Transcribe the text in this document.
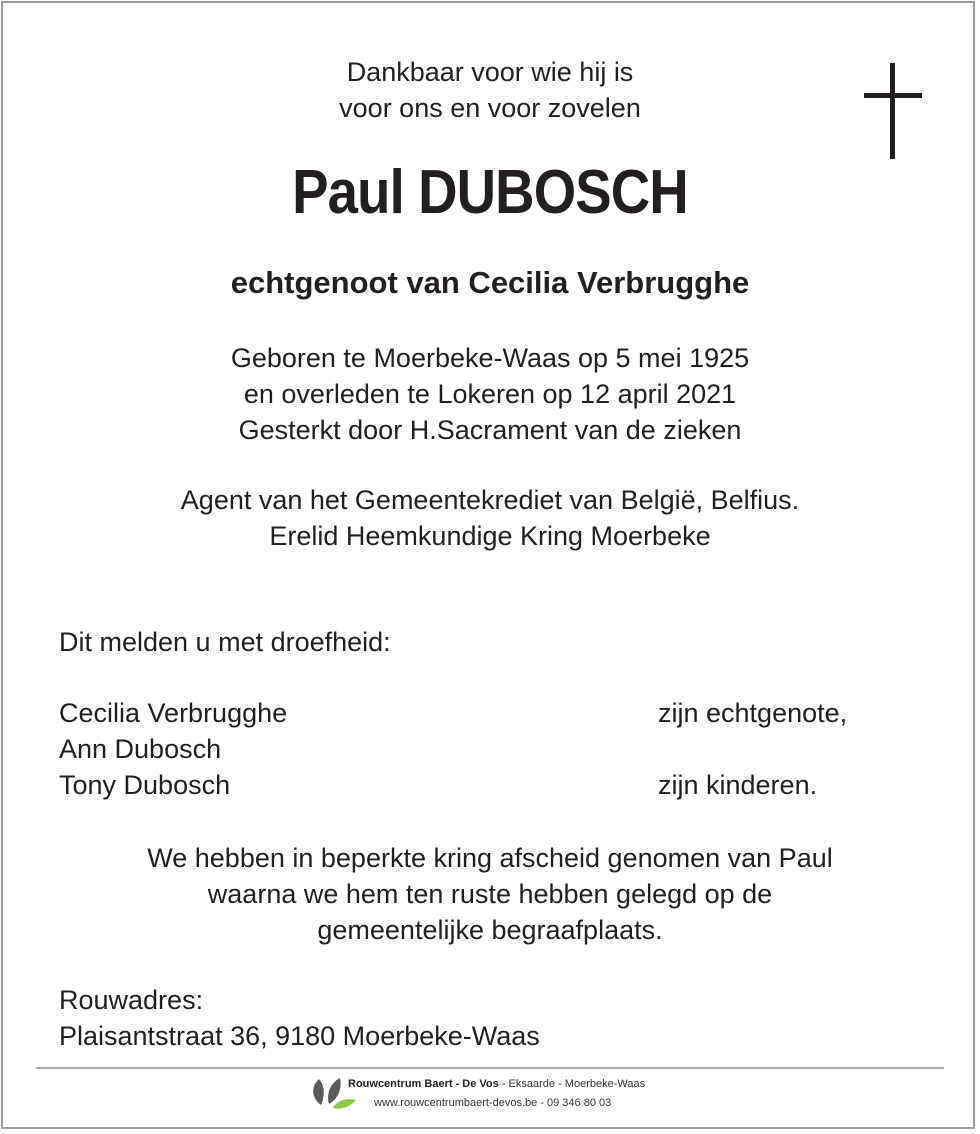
Dankbaar voor wie hij is
voor ons en voor zovelen
Paul DUBOSCH
echtgenoot van Cecilia Verbrugghe
Geboren te Moerbeke-Waas op 5 mei 1925
en overleden te Lokeren op 12 april 2021
Gesterkt door H.Sacrament van de zieken
Agent van het Gemeentekrediet van België, Belfius.
Erelid Heemkundige Kring Moerbeke
Dit melden u met droefheid:
Cecilia Verbrugghe	zijn echtgenote,
Ann Dubosch
Tony Dubosch	zijn kinderen.
We hebben in beperkte kring afscheid genomen van Paul
waarna we hem ten ruste hebben gelegd op de
gemeentelijke begraafplaats.
Rouwadres:
Plaisantstraat 36, 9180 Moerbeke-Waas
Rouwcentrum Baert - De Vos - Eksaarde - Moerbeke-Waas
www.rouwcentrumbaert-devos.be - 09 346 80 03
